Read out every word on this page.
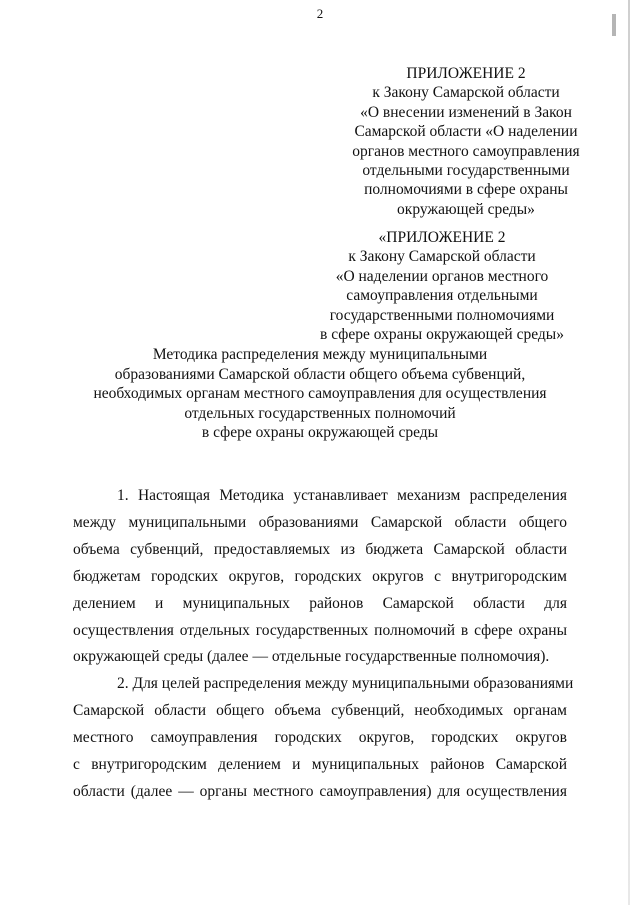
2
ПРИЛОЖЕНИЕ 2
к Закону Самарской области
«О внесении изменений в Закон
Самарской области «О наделении
органов местного самоуправления
отдельными государственными
полномочиями в сфере охраны
окружающей среды»
«ПРИЛОЖЕНИЕ 2
к Закону Самарской области
«О наделении органов местного
самоуправления отдельными
государственными полномочиями
в сфере охраны окружающей среды»
Методика распределения между муниципальными
образованиями Самарской области общего объема субвенций,
необходимых органам местного самоуправления для осуществления
отдельных государственных полномочий
в сфере охраны окружающей среды
1. Настоящая Методика устанавливает механизм распределения
между муниципальными образованиями Самарской области общего
объема субвенций, предоставляемых из бюджета Самарской области
бюджетам городских округов, городских округов с внутригородским
делением и муниципальных районов Самарской области для
осуществления отдельных государственных полномочий в сфере охраны
окружающей среды (далее — отдельные государственные полномочия).
2. Для целей распределения между муниципальными образованиями
Самарской области общего объема субвенций, необходимых органам
местного самоуправления городских округов, городских округов
с внутригородским делением и муниципальных районов Самарской
области (далее — органы местного самоуправления) для осуществления
